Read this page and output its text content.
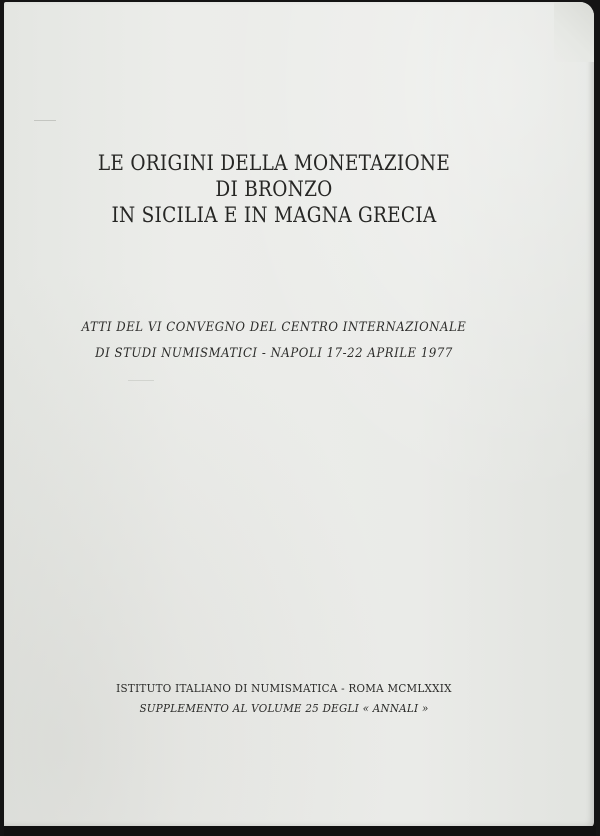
LE ORIGINI DELLA MONETAZIONE
DI BRONZO
IN SICILIA E IN MAGNA GRECIA
ATTI DEL VI CONVEGNO DEL CENTRO INTERNAZIONALE
DI STUDI NUMISMATICI - NAPOLI 17-22 APRILE 1977
ISTITUTO ITALIANO DI NUMISMATICA - ROMA MCMLXXIX
SUPPLEMENTO AL VOLUME 25 DEGLI « ANNALI »
